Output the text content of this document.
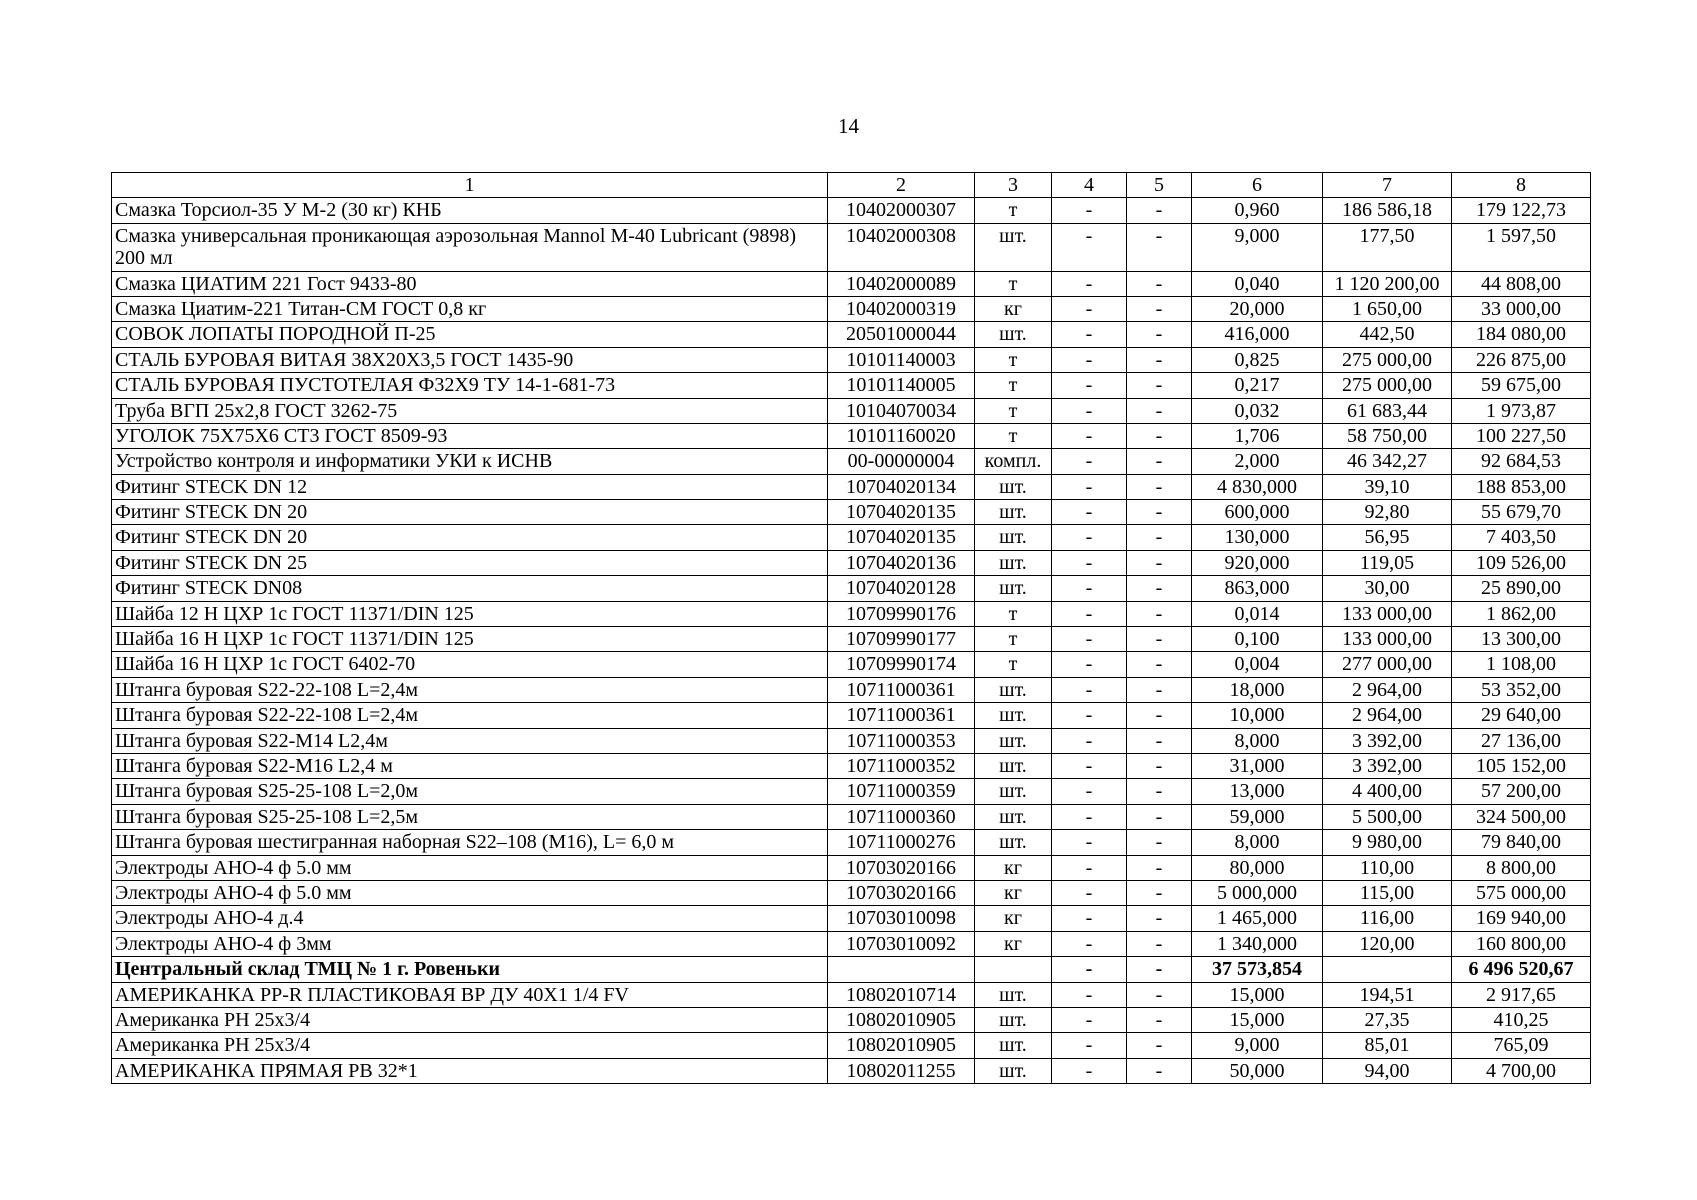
14
1	2	3	4	5	6	7	8
Смазка Торсиол-35 У М-2 (30 кг) КНБ	10402000307	т	-	-	0,960	186 586,18	179 122,73
Смазка универсальная проникающая аэрозольная Mannol M-40 Lubricant (9898) 200 мл	10402000308	шт.	-	-	9,000	177,50	1 597,50
Смазка ЦИАТИМ 221 Гост 9433-80	10402000089	т	-	-	0,040	1 120 200,00	44 808,00
Смазка Циатим-221 Титан-СМ ГОСТ 0,8 кг	10402000319	кг	-	-	20,000	1 650,00	33 000,00
СОВОК ЛОПАТЫ ПОРОДНОЙ П-25	20501000044	шт.	-	-	416,000	442,50	184 080,00
СТАЛЬ БУРОВАЯ ВИТАЯ 38Х20Х3,5 ГОСТ 1435-90	10101140003	т	-	-	0,825	275 000,00	226 875,00
СТАЛЬ БУРОВАЯ ПУСТОТЕЛАЯ Ф32Х9 ТУ 14-1-681-73	10101140005	т	-	-	0,217	275 000,00	59 675,00
Труба ВГП 25х2,8 ГОСТ 3262-75	10104070034	т	-	-	0,032	61 683,44	1 973,87
УГОЛОК 75Х75Х6 СТ3 ГОСТ 8509-93	10101160020	т	-	-	1,706	58 750,00	100 227,50
Устройство контроля и информатики УКИ к ИСНВ	00-00000004	компл.	-	-	2,000	46 342,27	92 684,53
Фитинг STECK DN 12	10704020134	шт.	-	-	4 830,000	39,10	188 853,00
Фитинг STECK DN 20	10704020135	шт.	-	-	600,000	92,80	55 679,70
Фитинг STECK DN 20	10704020135	шт.	-	-	130,000	56,95	7 403,50
Фитинг STECK DN 25	10704020136	шт.	-	-	920,000	119,05	109 526,00
Фитинг STECK DN08	10704020128	шт.	-	-	863,000	30,00	25 890,00
Шайба 12 Н ЦХР 1с ГОСТ 11371/DIN 125	10709990176	т	-	-	0,014	133 000,00	1 862,00
Шайба 16 Н ЦХР 1с ГОСТ 11371/DIN 125	10709990177	т	-	-	0,100	133 000,00	13 300,00
Шайба 16 Н ЦХР 1с ГОСТ 6402-70	10709990174	т	-	-	0,004	277 000,00	1 108,00
Штанга буровая S22-22-108 L=2,4м	10711000361	шт.	-	-	18,000	2 964,00	53 352,00
Штанга буровая S22-22-108 L=2,4м	10711000361	шт.	-	-	10,000	2 964,00	29 640,00
Штанга буровая S22-М14 L2,4м	10711000353	шт.	-	-	8,000	3 392,00	27 136,00
Штанга буровая S22-M16 L2,4 м	10711000352	шт.	-	-	31,000	3 392,00	105 152,00
Штанга буровая S25-25-108 L=2,0м	10711000359	шт.	-	-	13,000	4 400,00	57 200,00
Штанга буровая S25-25-108 L=2,5м	10711000360	шт.	-	-	59,000	5 500,00	324 500,00
Штанга буровая шестигранная наборная S22–108 (M16), L= 6,0 м	10711000276	шт.	-	-	8,000	9 980,00	79 840,00
Электроды АНО-4 ф 5.0 мм	10703020166	кг	-	-	80,000	110,00	8 800,00
Электроды АНО-4 ф 5.0 мм	10703020166	кг	-	-	5 000,000	115,00	575 000,00
Электроды АНО-4 д.4	10703010098	кг	-	-	1 465,000	116,00	169 940,00
Электроды АНО-4 ф 3мм	10703010092	кг	-	-	1 340,000	120,00	160 800,00
Центральный склад ТМЦ № 1 г. Ровеньки			-	-	37 573,854		6 496 520,67
АМЕРИКАНКА PP-R ПЛАСТИКОВАЯ ВР ДУ 40Х1 1/4 FV	10802010714	шт.	-	-	15,000	194,51	2 917,65
Американка PH 25x3/4	10802010905	шт.	-	-	15,000	27,35	410,25
Американка PH 25x3/4	10802010905	шт.	-	-	9,000	85,01	765,09
АМЕРИКАНКА ПРЯМАЯ РВ 32*1	10802011255	шт.	-	-	50,000	94,00	4 700,00
